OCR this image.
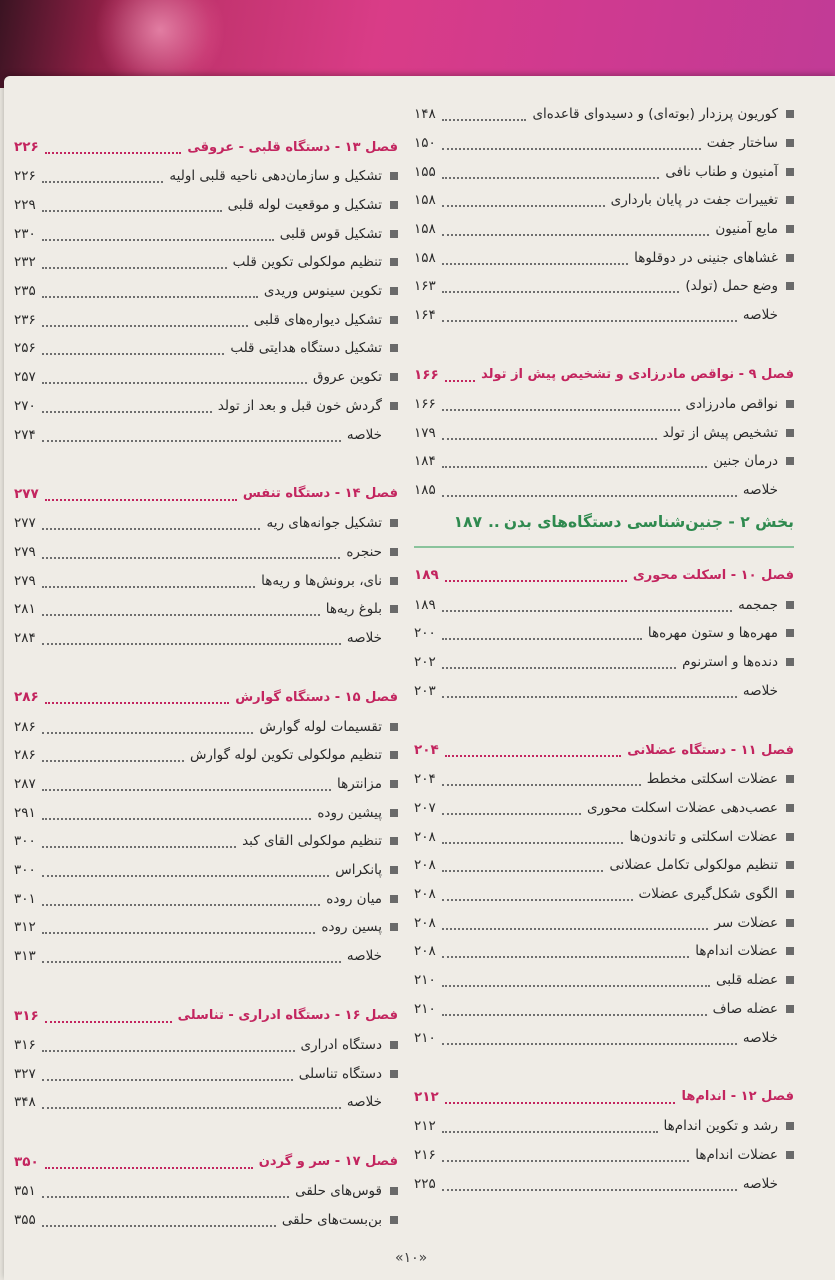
کوریون پرزدار (بوته‌ای) و دسیدوای قاعده‌ای
۱۴۸
ساختار جفت
۱۵۰
آمنیون و طناب نافی
۱۵۵
تغییرات جفت در پایان بارداری
۱۵۸
مایع آمنیون
۱۵۸
غشاهای جنینی در دوقلوها
۱۵۸
وضع حمل (تولد)
۱۶۳
خلاصه
۱۶۴
فصل ۹ - نواقص مادرزادی و تشخیص پیش از تولد
۱۶۶
نواقص مادرزادی
۱۶۶
تشخیص پیش از تولد
۱۷۹
درمان جنین
۱۸۴
خلاصه
۱۸۵
بخش ۲ - جنین‌شناسی دستگاه‌های بدن
..
۱۸۷
فصل ۱۰ - اسکلت محوری
۱۸۹
جمجمه
۱۸۹
مهره‌ها و ستون مهره‌ها
۲۰۰
دنده‌ها و استرنوم
۲۰۲
خلاصه
۲۰۳
فصل ۱۱ - دستگاه عضلانی
۲۰۴
عضلات اسکلتی مخطط
۲۰۴
عصب‌دهی عضلات اسکلت محوری
۲۰۷
عضلات اسکلتی و تاندون‌ها
۲۰۸
تنظیم مولکولی تکامل عضلانی
۲۰۸
الگوی شکل‌گیری عضلات
۲۰۸
عضلات سر
۲۰۸
عضلات اندام‌ها
۲۰۸
عضله قلبی
۲۱۰
عضله صاف
۲۱۰
خلاصه
۲۱۰
فصل ۱۲ - اندام‌ها
۲۱۲
رشد و تکوین اندام‌ها
۲۱۲
عضلات اندام‌ها
۲۱۶
خلاصه
۲۲۵
فصل ۱۳ - دستگاه قلبی - عروقی
۲۲۶
تشکیل و سازمان‌دهی ناحیه قلبی اولیه
۲۲۶
تشکیل و موقعیت لوله قلبی
۲۲۹
تشکیل قوس قلبی
۲۳۰
تنظیم مولکولی تکوین قلب
۲۳۲
تکوین سینوس وریدی
۲۳۵
تشکیل دیواره‌های قلبی
۲۳۶
تشکیل دستگاه هدایتی قلب
۲۵۶
تکوین عروق
۲۵۷
گردش خون قبل و بعد از تولد
۲۷۰
خلاصه
۲۷۴
فصل ۱۴ - دستگاه تنفس
۲۷۷
تشکیل جوانه‌های ریه
۲۷۷
حنجره
۲۷۹
نای، برونش‌ها و ریه‌ها
۲۷۹
بلوغ ریه‌ها
۲۸۱
خلاصه
۲۸۴
فصل ۱۵ - دستگاه گوارش
۲۸۶
تقسیمات لوله گوارش
۲۸۶
تنظیم مولکولی تکوین لوله گوارش
۲۸۶
مزانترها
۲۸۷
پیشین روده
۲۹۱
تنظیم مولکولی القای کبد
۳۰۰
پانکراس
۳۰۰
میان روده
۳۰۱
پسین روده
۳۱۲
خلاصه
۳۱۳
فصل ۱۶ - دستگاه ادراری - تناسلی
۳۱۶
دستگاه ادراری
۳۱۶
دستگاه تناسلی
۳۲۷
خلاصه
۳۴۸
فصل ۱۷ - سر و گردن
۳۵۰
قوس‌های حلقی
۳۵۱
بن‌بست‌های حلقی
۳۵۵
«۱۰»
